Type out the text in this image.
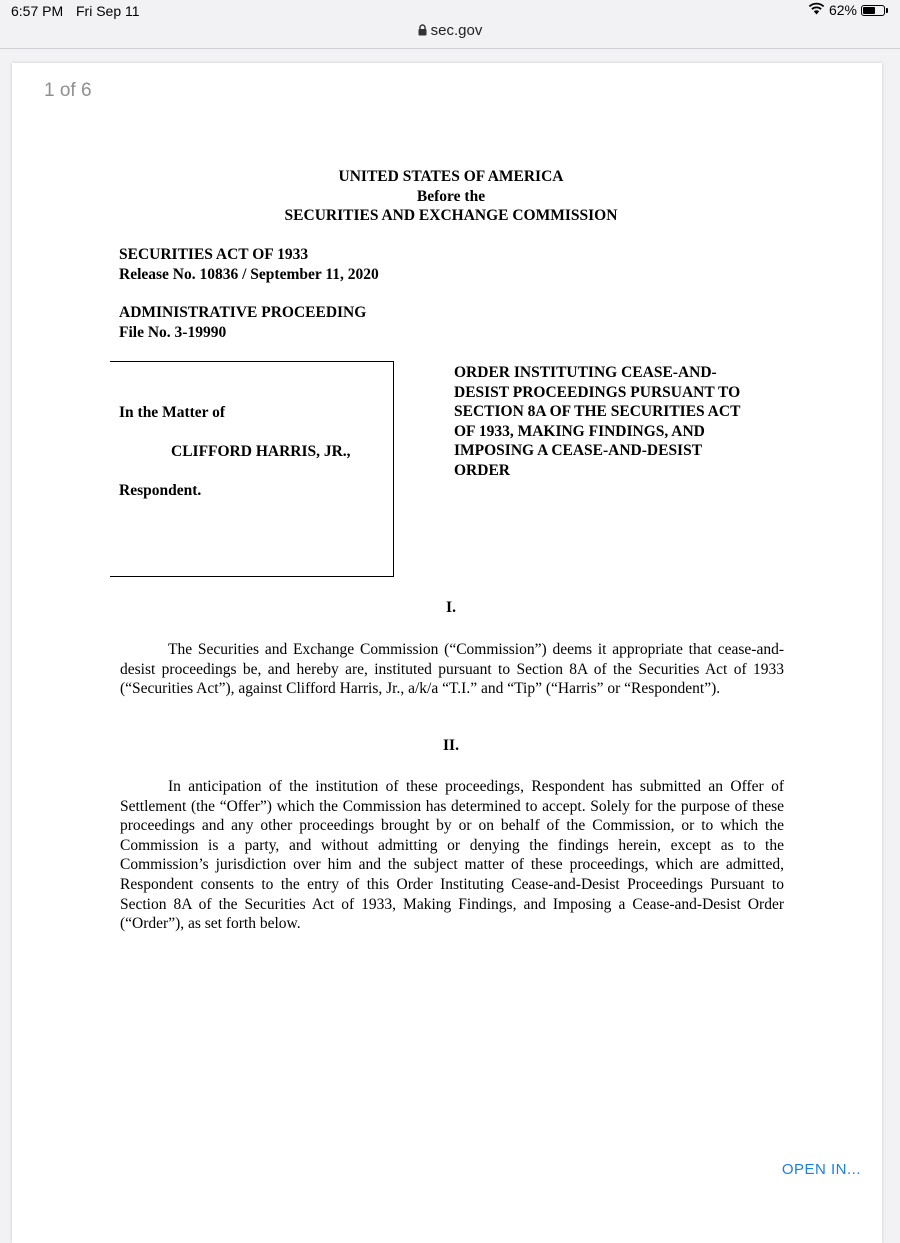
6:57 PM Fri Sep 11	62%
sec.gov
1 of 6
UNITED STATES OF AMERICA
Before the
SECURITIES AND EXCHANGE COMMISSION
SECURITIES ACT OF 1933
Release No. 10836 / September 11, 2020
ADMINISTRATIVE PROCEEDING
File No. 3-19990
In the Matter of
CLIFFORD HARRIS, JR.,
Respondent.
ORDER INSTITUTING CEASE-AND-
DESIST PROCEEDINGS PURSUANT TO
SECTION 8A OF THE SECURITIES ACT
OF 1933, MAKING FINDINGS, AND
IMPOSING A CEASE-AND-DESIST
ORDER
I.
The Securities and Exchange Commission (“Commission”) deems it appropriate that cease-and-desist proceedings be, and hereby are, instituted pursuant to Section 8A of the Securities Act of 1933 (“Securities Act”), against Clifford Harris, Jr., a/k/a “T.I.” and “Tip” (“Harris” or “Respondent”).
II.
In anticipation of the institution of these proceedings, Respondent has submitted an Offer of Settlement (the “Offer”) which the Commission has determined to accept. Solely for the purpose of these proceedings and any other proceedings brought by or on behalf of the Commission, or to which the Commission is a party, and without admitting or denying the findings herein, except as to the Commission’s jurisdiction over him and the subject matter of these proceedings, which are admitted, Respondent consents to the entry of this Order Instituting Cease-and-Desist Proceedings Pursuant to Section 8A of the Securities Act of 1933, Making Findings, and Imposing a Cease-and-Desist Order (“Order”), as set forth below.
OPEN IN...
